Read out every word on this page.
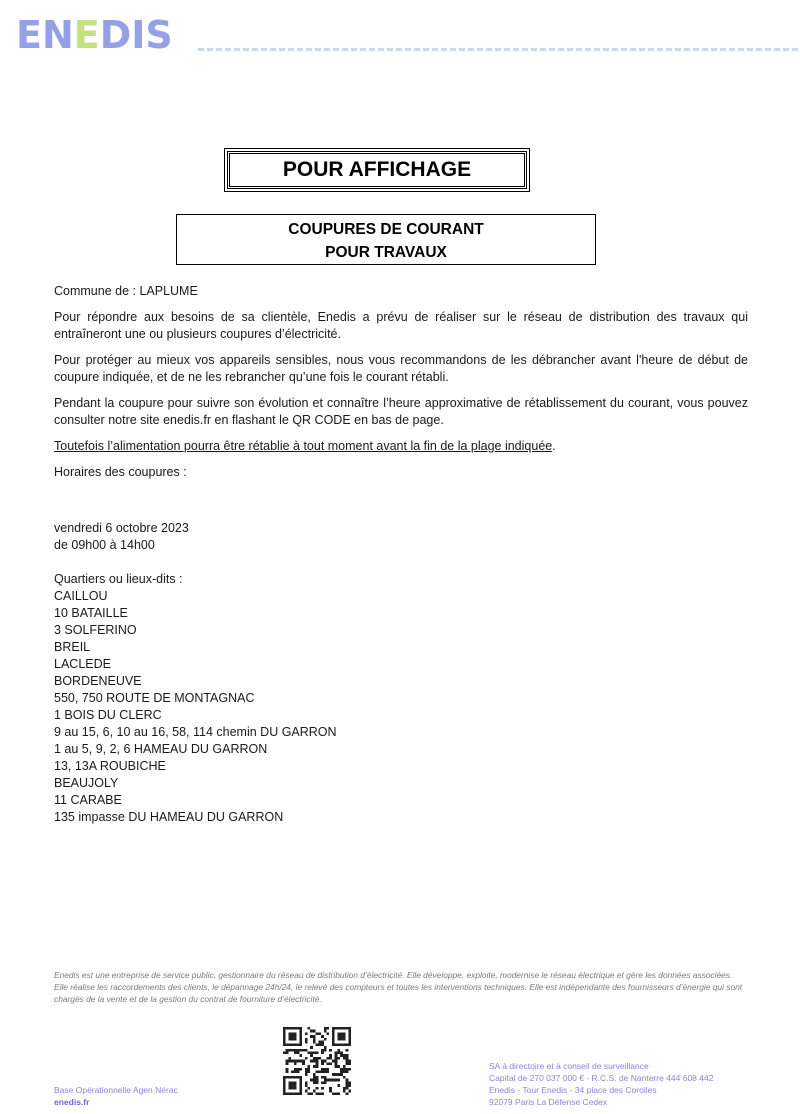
ENEDIS
POUR AFFICHAGE
COUPURES DE COURANT
POUR TRAVAUX

Commune de : LAPLUME

Pour répondre aux besoins de sa clientèle, Enedis a prévu de réaliser sur le réseau de distribution des travaux qui entraîneront une ou plusieurs coupures d’électricité.

Pour protéger au mieux vos appareils sensibles, nous vous recommandons de les débrancher avant l'heure de début de coupure indiquée, et de ne les rebrancher qu’une fois le courant rétabli.

Pendant la coupure pour suivre son évolution et connaître l’heure approximative de rétablissement du courant, vous pouvez consulter notre site enedis.fr en flashant le QR CODE en bas de page.

Toutefois l’alimentation pourra être rétablie à tout moment avant la fin de la plage indiquée.

Horaires des coupures :

vendredi 6 octobre 2023
de 09h00 à 14h00
Quartiers ou lieux-dits :
CAILLOU
10 BATAILLE
3 SOLFERINO
BREIL
LACLEDE
BORDENEUVE
550, 750 ROUTE DE MONTAGNAC
1 BOIS DU CLERC
9 au 15, 6, 10 au 16, 58, 114 chemin DU GARRON
1 au 5, 9, 2, 6 HAMEAU DU GARRON
13, 13A ROUBICHE
BEAUJOLY
11 CARABE
135 impasse DU HAMEAU DU GARRON
Enedis est une entreprise de service public, gestionnaire du réseau de distribution d’électricité. Elle développe, exploite, modernise le réseau électrique et gère les données associées. Elle réalise les raccordements des clients, le dépannage 24h/24, le relevé des compteurs et toutes les interventions techniques. Elle est indépendante des fournisseurs d’énergie qui sont chargés de la vente et de la gestion du contrat de fourniture d’électricité.
Base Opérationnelle Agen Nérac
enedis.fr
SA à directoire et à conseil de surveillance
Capital de 270 037 000 € - R.C.S. de Nanterre 444 608 442
Enedis - Tour Enedis - 34 place des Corolles
92079 Paris La Défense Cedex
